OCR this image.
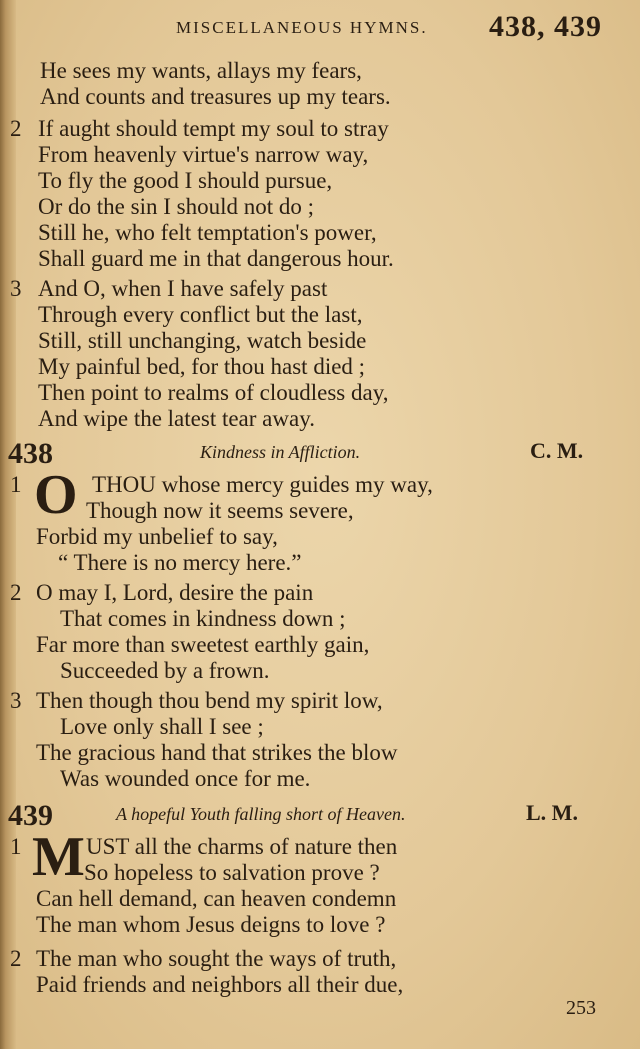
MISCELLANEOUS HYMNS. 438, 439
He sees my wants, allays my fears,
And counts and treasures up my tears.
2 If aught should tempt my soul to stray
From heavenly virtue's narrow way,
To fly the good I should pursue,
Or do the sin I should not do ;
Still he, who felt temptation's power,
Shall guard me in that dangerous hour.
3 And O, when I have safely past
Through every conflict but the last,
Still, still unchanging, watch beside
My painful bed, for thou hast died ;
Then point to realms of cloudless day,
And wipe the latest tear away.
438	Kindness in Affliction.	C. M.
1 O THOU whose mercy guides my way,
Though now it seems severe,
Forbid my unbelief to say,
“ There is no mercy here.”
2 O may I, Lord, desire the pain
That comes in kindness down ;
Far more than sweetest earthly gain,
Succeeded by a frown.
3 Then though thou bend my spirit low,
Love only shall I see ;
The gracious hand that strikes the blow
Was wounded once for me.
439	A hopeful Youth falling short of Heaven.	L. M.
1 M UST all the charms of nature then
So hopeless to salvation prove ?
Can hell demand, can heaven condemn
The man whom Jesus deigns to love ?
2 The man who sought the ways of truth,
Paid friends and neighbors all their due,
253
